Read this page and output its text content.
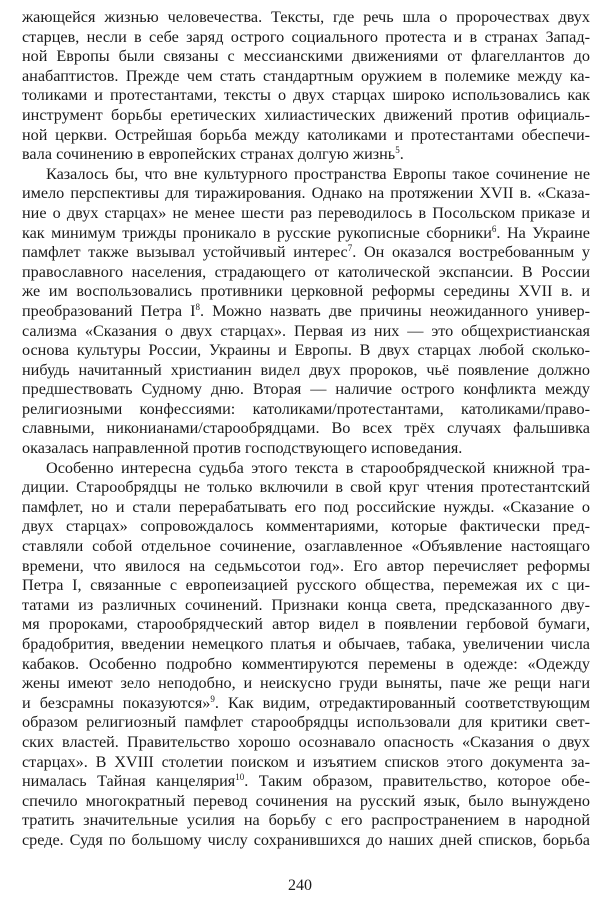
жающейся жизнью человечества. Тексты, где речь шла о пророчествах двух
старцев, несли в себе заряд острого социального протеста и в странах Запад-
ной Европы были связаны с мессианскими движениями от флагеллантов до
анабаптистов. Прежде чем стать стандартным оружием в полемике между ка-
толиками и протестантами, тексты о двух старцах широко использовались как
инструмент борьбы еретических хилиастических движений против официаль-
ной церкви. Острейшая борьба между католиками и протестантами обеспечи-
вала сочинению в европейских странах долгую жизнь$^5$.
Казалось бы, что вне культурного пространства Европы такое сочинение не
имело перспективы для тиражирования. Однако на протяжении XVII в. «Сказа-
ние о двух старцах» не менее шести раз переводилось в Посольском приказе и
как минимум трижды проникало в русские рукописные сборники$^6$. На Украине
памфлет также вызывал устойчивый интерес$^7$. Он оказался востребованным у
православного населения, страдающего от католической экспансии. В России
же им воспользовались противники церковной реформы середины XVII в. и
преобразований Петра $I^8$. Можно назвать две причины неожиданного универ-
сализма «Сказания о двух старцах». Первая из них — это общехристианская
основа культуры России, Украины и Европы. В двух старцах любой сколько-
нибудь начитанный христианин видел двух пророков, чьё появление должно
предшествовать Судному дню. Вторая — наличие острого конфликта между
религиозными конфессиями: католиками/протестантами, католиками/право-
славными, никонианами/старообрядцами. Во всех трёх случаях фальшивка
оказалась направленной против господствующего исповедания.
Особенно интересна судьба этого текста в старообрядческой книжной тра-
диции. Старообрядцы не только включили в свой круг чтения протестантский
памфлет, но и стали перерабатывать его под российские нужды. «Сказание о
двух старцах» сопровождалось комментариями, которые фактически пред-
ставляли собой отдельное сочинение, озаглавленное «Объявление настоящаго
времени, что явилося на седьмьсотои год». Его автор перечисляет реформы
Петра I, связанные с европеизацией русского общества, перемежая их с ци-
татами из различных сочинений. Признаки конца света, предсказанного дву-
мя пророками, старообрядческий автор видел в появлении гербовой бумаги,
брадобрития, введении немецкого платья и обычаев, табака, увеличении числа
кабаков. Особенно подробно комментируются перемены в одежде: «Одежду
жены имеют зело неподобно, и неискусно груди выняты, паче же рещи наги
и безсрамны показуются»$^9$. Как видим, отредактированный соответствующим
образом религиозный памфлет старообрядцы использовали для критики свет-
ских властей. Правительство хорошо осознавало опасность «Сказания о двух
старцах». В XVIII столетии поиском и изъятием списков этого документа за-
нималась Тайная канцелярия$^{10}$. Таким образом, правительство, которое обе-
спечило многократный перевод сочинения на русский язык, было вынуждено
тратить значительные усилия на борьбу с его распространением в народной
среде. Судя по большому числу сохранившихся до наших дней списков, борьба
240
